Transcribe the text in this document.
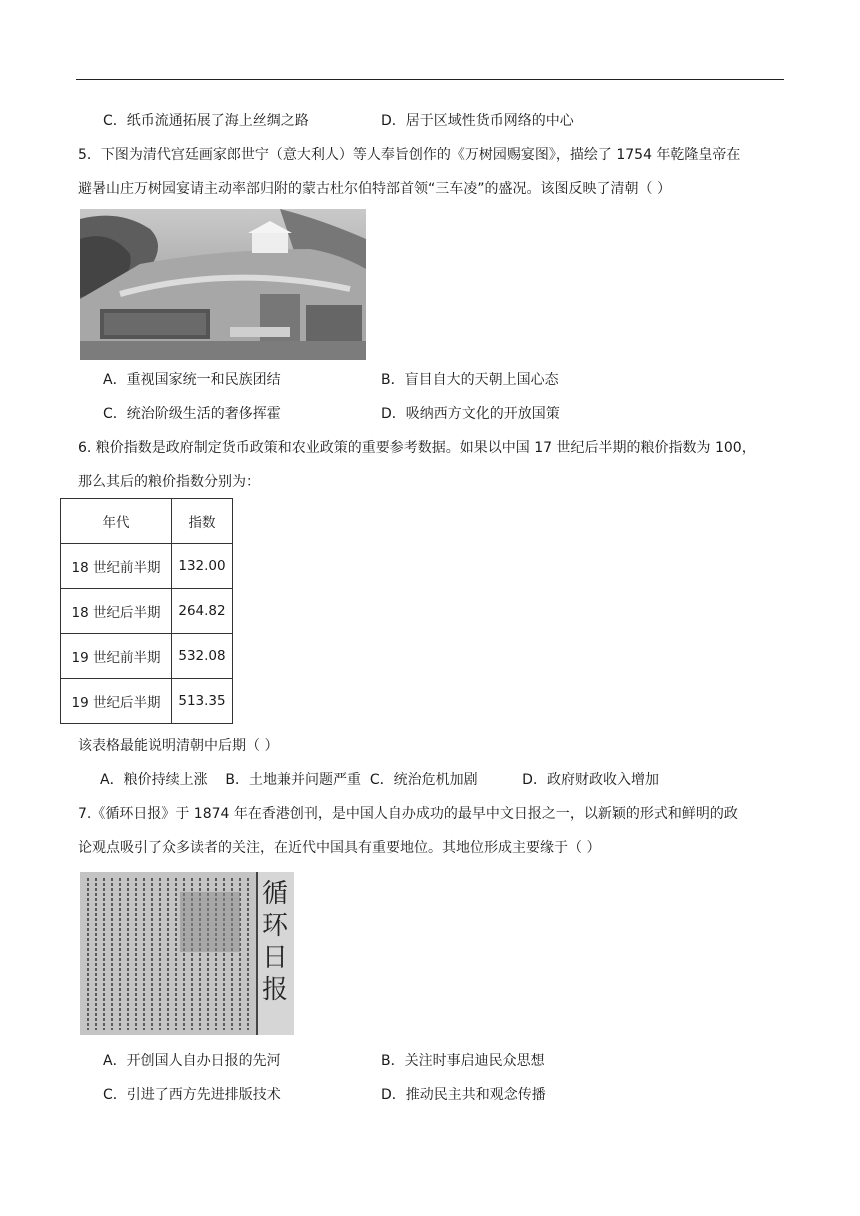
C．纸币流通拓展了海上丝绸之路	D．居于区域性货币网络的中心
5．下图为清代宫廷画家郎世宁（意大利人）等人奉旨创作的《万树园赐宴图》，描绘了 1754 年乾隆皇帝在
避暑山庄万树园宴请主动率部归附的蒙古杜尔伯特部首领“三车凌”的盛况。该图反映了清朝（ ）
A．重视国家统一和民族团结	B．盲目自大的天朝上国心态
C．统治阶级生活的奢侈挥霍	D．吸纳西方文化的开放国策
6. 粮价指数是政府制定货币政策和农业政策的重要参考数据。如果以中国 17 世纪后半期的粮价指数为 100，
那么其后的粮价指数分别为：
年代	指数
18 世纪前半期	132.00
18 世纪后半期	264.82
19 世纪前半期	532.08
19 世纪后半期	513.35
该表格最能说明清朝中后期（ ）
A．粮价持续上涨    B．土地兼并问题严重  C．统治危机加剧          D．政府财政收入增加
7.《循环日报》于 1874 年在香港创刊，是中国人自办成功的最早中文日报之一，以新颖的形式和鲜明的政
论观点吸引了众多读者的关注，在近代中国具有重要地位。其地位形成主要缘于（ ）
循环日报
A．开创国人自办日报的先河	B．关注时事启迪民众思想
C．引进了西方先进排版技术	D．推动民主共和观念传播
